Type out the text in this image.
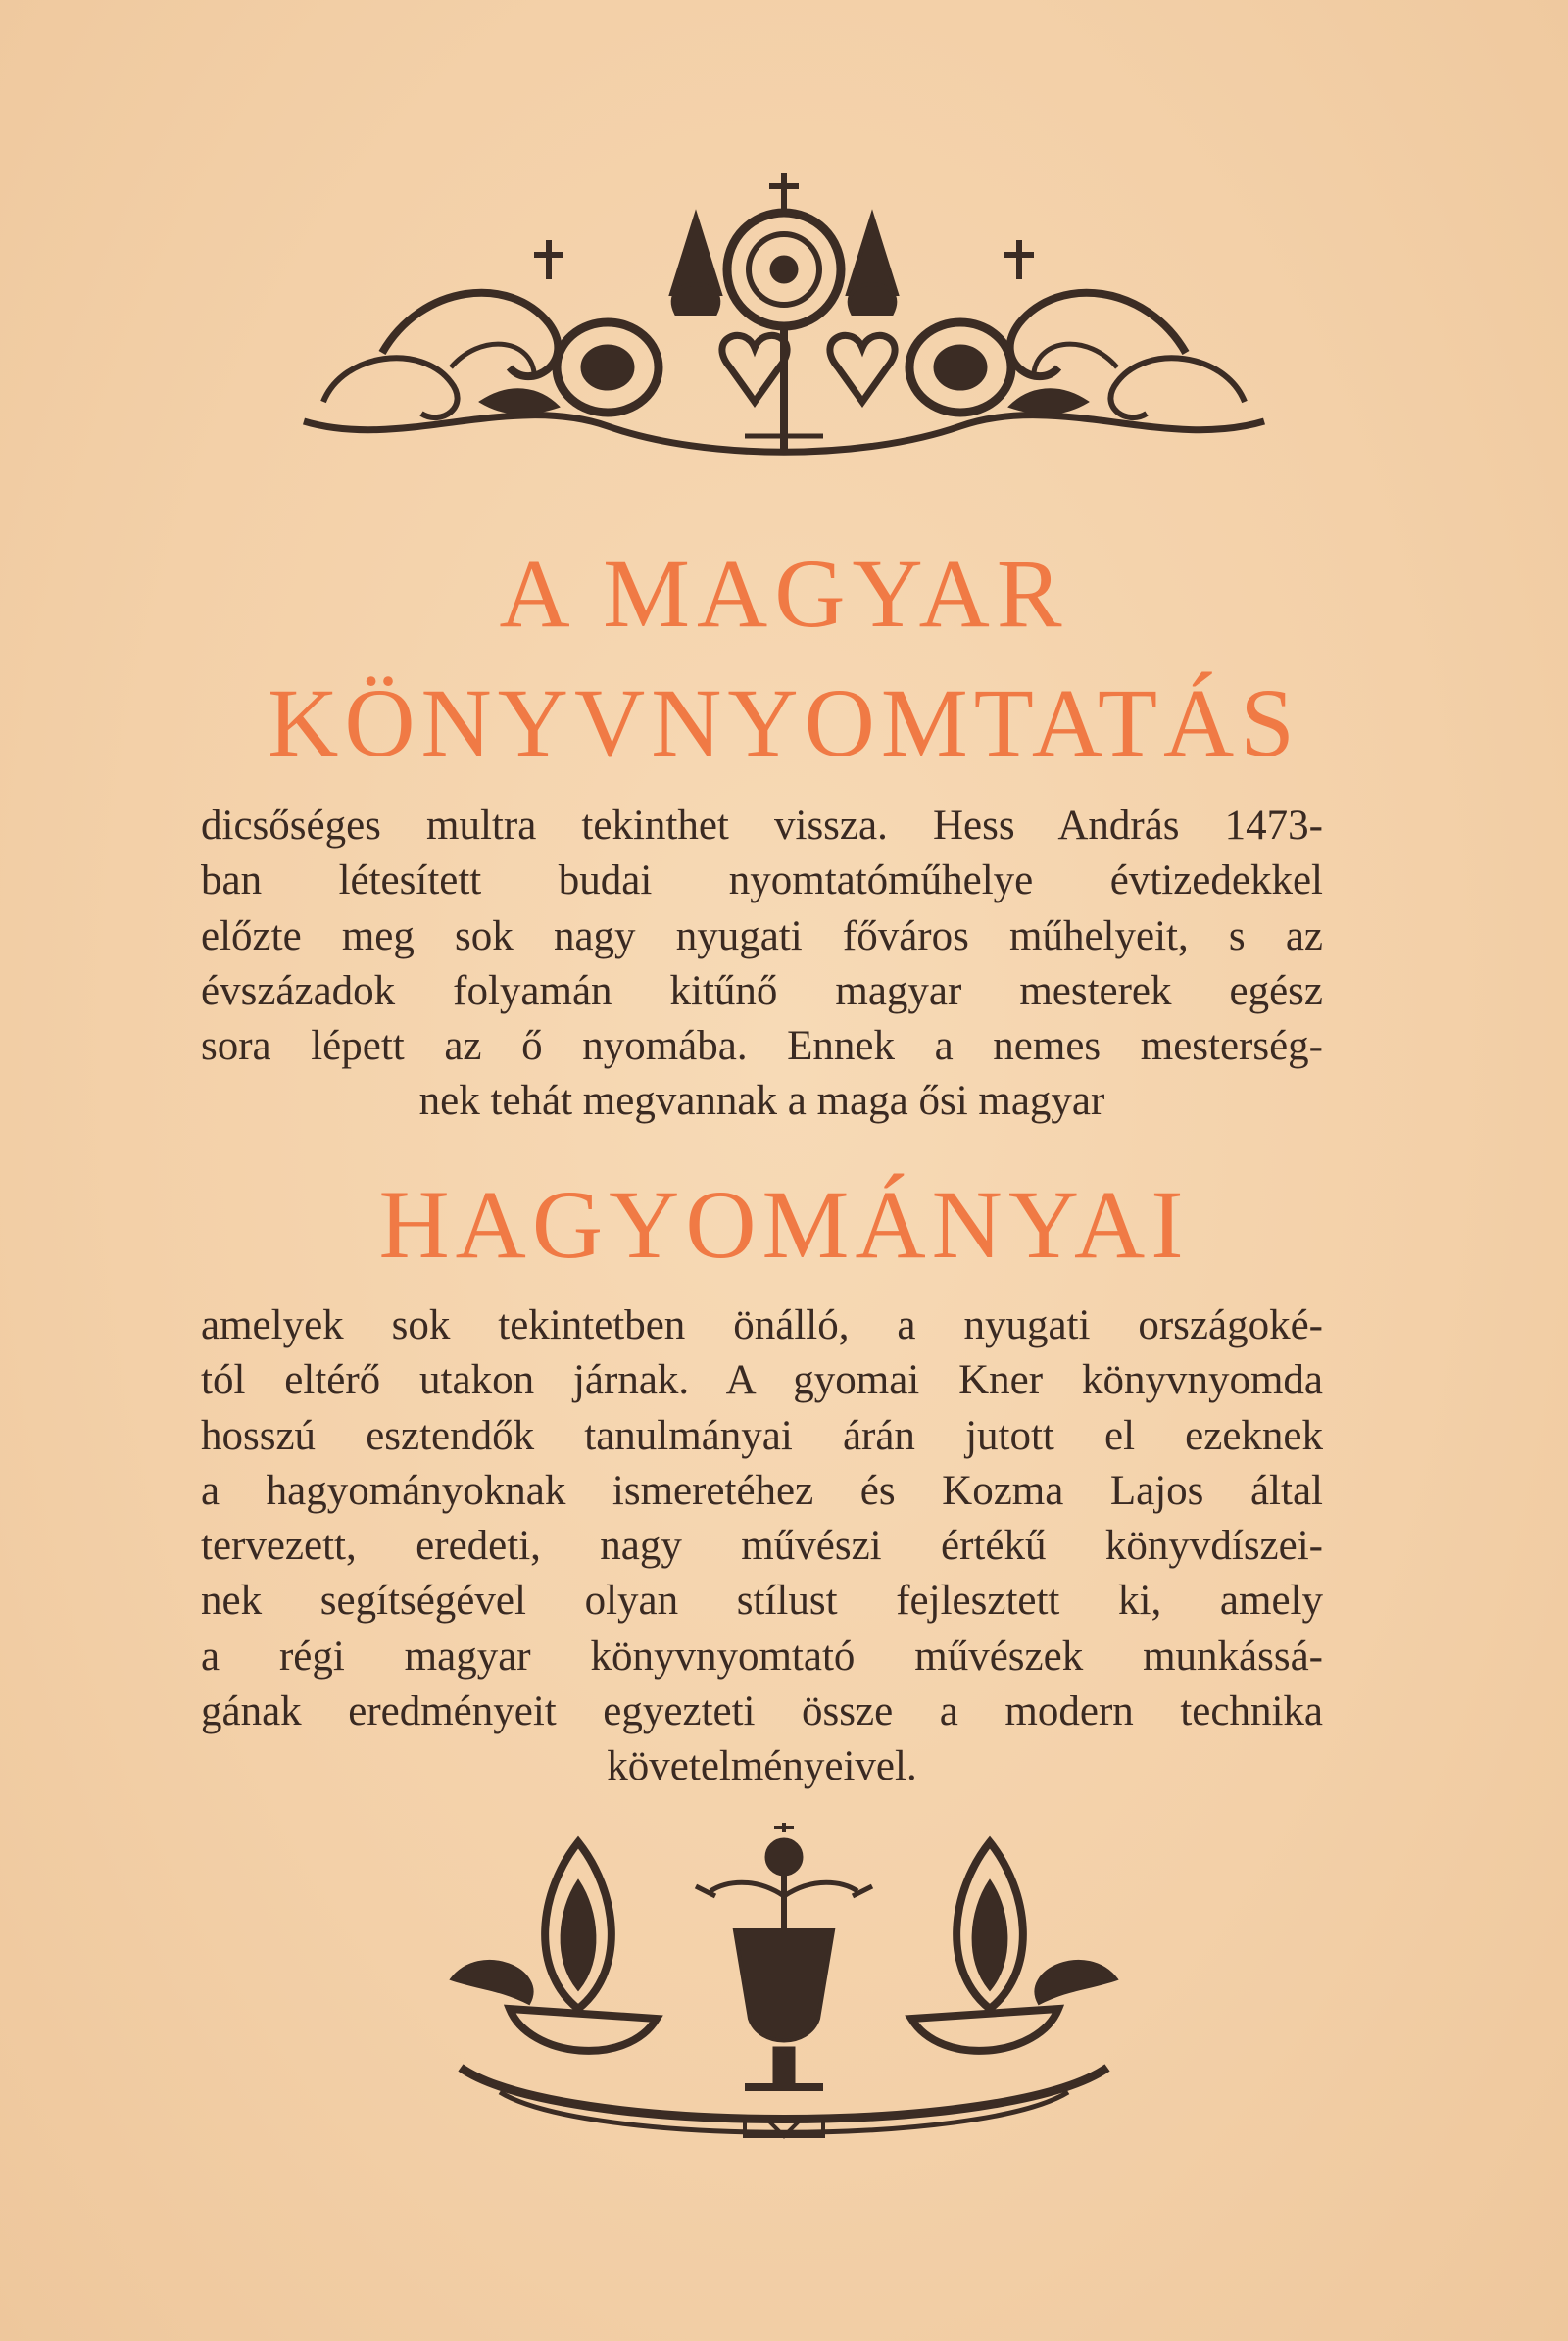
A MAGYAR
KÖNYVNYOMTATÁS

dicsőséges multra tekinthet vissza. Hess András 1473-
ban létesített budai nyomtatóműhelye évtizedekkel
előzte meg sok nagy nyugati főváros műhelyeit, s az
évszázadok folyamán kitűnő magyar mesterek egész
sora lépett az ő nyomába. Ennek a nemes mesterség-
nek tehát megvannak a maga ősi magyar

HAGYOMÁNYAI

amelyek sok tekintetben önálló, a nyugati országoké-
tól eltérő utakon járnak. A gyomai Kner könyvnyomda
hosszú esztendők tanulmányai árán jutott el ezeknek
a hagyományoknak ismeretéhez és Kozma Lajos által
tervezett, eredeti, nagy művészi értékű könyvdíszei-
nek segítségével olyan stílust fejlesztett ki, amely
a régi magyar könyvnyomtató művészek munkássá-
gának eredményeit egyezteti össze a modern technika
követelményeivel.
